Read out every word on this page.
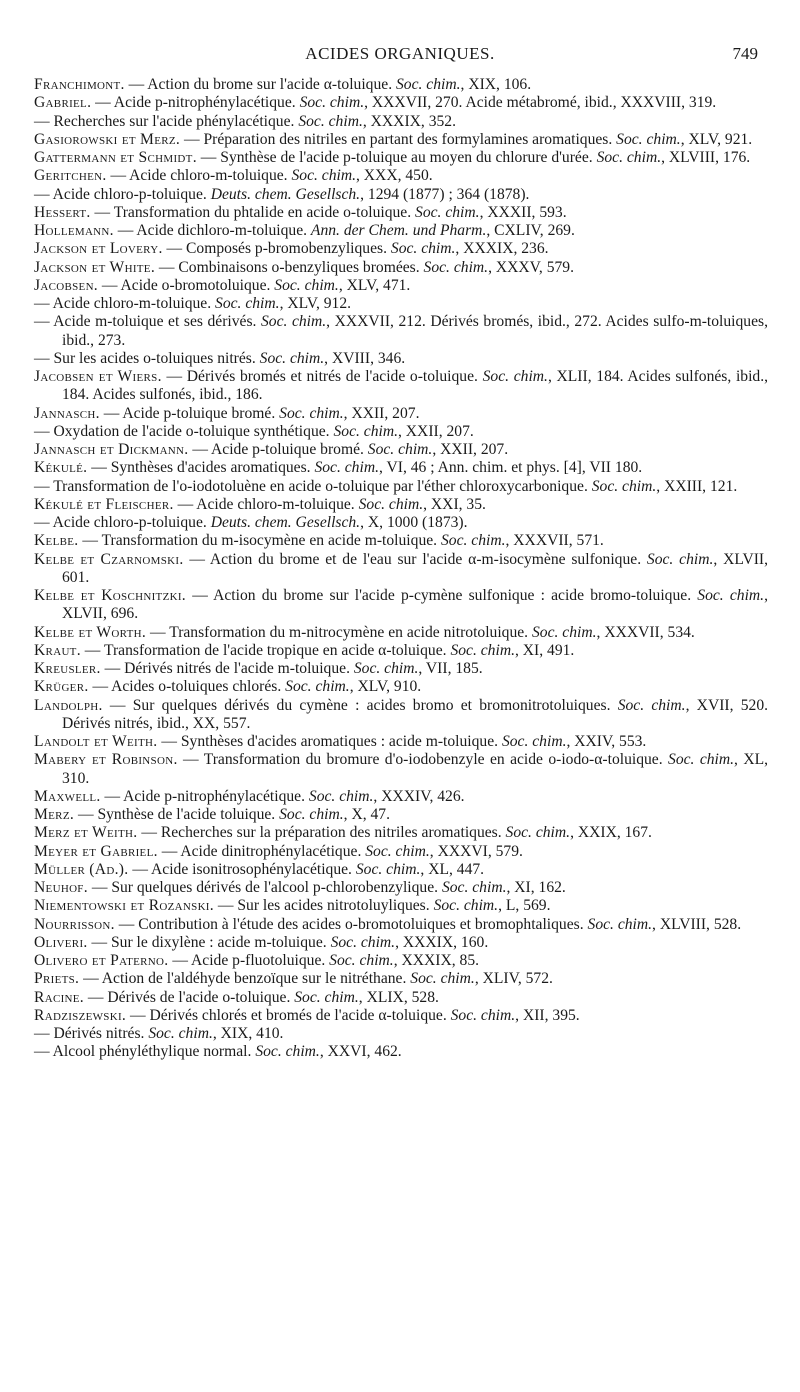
ACIDES ORGANIQUES.	749
Franchimont. — Action du brome sur l'acide α-toluique. Soc. chim., XIX, 106.
Gabriel. — Acide p-nitrophénylacétique. Soc. chim., XXXVII, 270. Acide métabromé, ibid., XXXVIII, 319.
— Recherches sur l'acide phénylacétique. Soc. chim., XXXIX, 352.
Gasiorowski et Merz. — Préparation des nitriles en partant des formylamines aromatiques. Soc. chim., XLV, 921.
Gattermann et Schmidt. — Synthèse de l'acide p-toluique au moyen du chlorure d'urée. Soc. chim., XLVIII, 176.
Geritchen. — Acide chloro-m-toluique. Soc. chim., XXX, 450.
— Acide chloro-p-toluique. Deuts. chem. Gesellsch., 1294 (1877) ; 364 (1878).
Hessert. — Transformation du phtalide en acide o-toluique. Soc. chim., XXXII, 593.
Hollemann. — Acide dichloro-m-toluique. Ann. der Chem. und Pharm., CXLIV, 269.
Jackson et Lovery. — Composés p-bromobenzyliques. Soc. chim., XXXIX, 236.
Jackson et White. — Combinaisons o-benzyliques bromées. Soc. chim., XXXV, 579.
Jacobsen. — Acide o-bromotoluique. Soc. chim., XLV, 471.
— Acide chloro-m-toluique. Soc. chim., XLV, 912.
— Acide m-toluique et ses dérivés. Soc. chim., XXXVII, 212. Dérivés bromés, ibid., 272. Acides sulfo-m-toluiques, ibid., 273.
— Sur les acides o-toluiques nitrés. Soc. chim., XVIII, 346.
Jacobsen et Wiers. — Dérivés bromés et nitrés de l'acide o-toluique. Soc. chim., XLII, 184. Acides sulfonés, ibid., 184. Acides sulfonés, ibid., 186.
Jannasch. — Acide p-toluique bromé. Soc. chim., XXII, 207.
— Oxydation de l'acide o-toluique synthétique. Soc. chim., XXII, 207.
Jannasch et Dickmann. — Acide p-toluique bromé. Soc. chim., XXII, 207.
Kékulé. — Synthèses d'acides aromatiques. Soc. chim., VI, 46 ; Ann. chim. et phys. [4], VII 180.
— Transformation de l'o-iodotoluène en acide o-toluique par l'éther chloroxycarbonique. Soc. chim., XXIII, 121.
Kékulé et Fleischer. — Acide chloro-m-toluique. Soc. chim., XXI, 35.
— Acide chloro-p-toluique. Deuts. chem. Gesellsch., X, 1000 (1873).
Kelbe. — Transformation du m-isocymène en acide m-toluique. Soc. chim., XXXVII, 571.
Kelbe et Czarnomski. — Action du brome et de l'eau sur l'acide α-m-isocymène sulfonique. Soc. chim., XLVII, 601.
Kelbe et Koschnitzki. — Action du brome sur l'acide p-cymène sulfonique : acide bromo-toluique. Soc. chim., XLVII, 696.
Kelbe et Worth. — Transformation du m-nitrocymène en acide nitrotoluique. Soc. chim., XXXVII, 534.
Kraut. — Transformation de l'acide tropique en acide α-toluique. Soc. chim., XI, 491.
Kreusler. — Dérivés nitrés de l'acide m-toluique. Soc. chim., VII, 185.
Krüger. — Acides o-toluiques chlorés. Soc. chim., XLV, 910.
Landolph. — Sur quelques dérivés du cymène : acides bromo et bromonitrotoluiques. Soc. chim., XVII, 520. Dérivés nitrés, ibid., XX, 557.
Landolt et Weith. — Synthèses d'acides aromatiques : acide m-toluique. Soc. chim., XXIV, 553.
Mabery et Robinson. — Transformation du bromure d'o-iodobenzyle en acide o-iodo-α-toluique. Soc. chim., XL, 310.
Maxwell. — Acide p-nitrophénylacétique. Soc. chim., XXXIV, 426.
Merz. — Synthèse de l'acide toluique. Soc. chim., X, 47.
Merz et Weith. — Recherches sur la préparation des nitriles aromatiques. Soc. chim., XXIX, 167.
Meyer et Gabriel. — Acide dinitrophénylacétique. Soc. chim., XXXVI, 579.
Müller (Ad.). — Acide isonitrosophénylacétique. Soc. chim., XL, 447.
Neuhof. — Sur quelques dérivés de l'alcool p-chlorobenzylique. Soc. chim., XI, 162.
Niementowski et Rozanski. — Sur les acides nitrotoluyliques. Soc. chim., L, 569.
Nourrisson. — Contribution à l'étude des acides o-bromotoluiques et bromophtaliques. Soc. chim., XLVIII, 528.
Oliveri. — Sur le dixylène : acide m-toluique. Soc. chim., XXXIX, 160.
Olivero et Paterno. — Acide p-fluotoluique. Soc. chim., XXXIX, 85.
Priets. — Action de l'aldéhyde benzoïque sur le nitréthane. Soc. chim., XLIV, 572.
Racine. — Dérivés de l'acide o-toluique. Soc. chim., XLIX, 528.
Radziszewski. — Dérivés chlorés et bromés de l'acide α-toluique. Soc. chim., XII, 395.
— Dérivés nitrés. Soc. chim., XIX, 410.
— Alcool phényléthylique normal. Soc. chim., XXVI, 462.
